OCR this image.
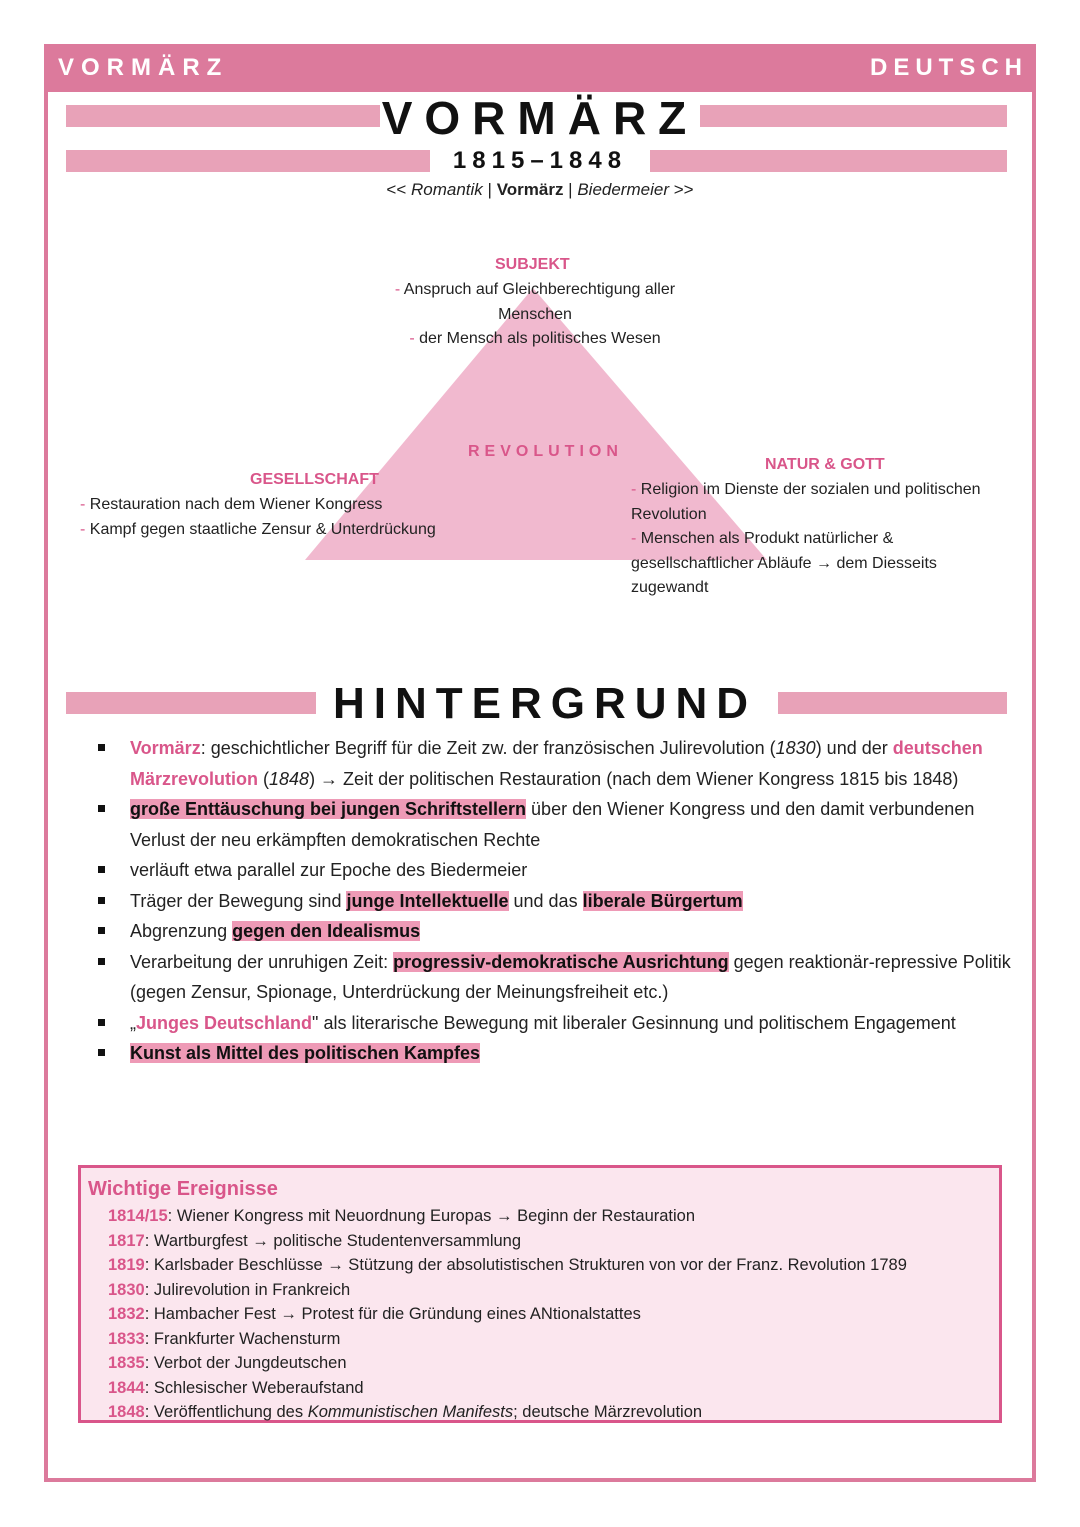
VORMÄRZ	DEUTSCH
VORMÄRZ
1815–1848
<< Romantik | Vormärz | Biedermeier >>
SUBJEKT
- Anspruch auf Gleichberechtigung aller
Menschen
- der Mensch als politisches Wesen
REVOLUTION
GESELLSCHAFT
- Restauration nach dem Wiener Kongress
- Kampf gegen staatliche Zensur & Unterdrückung
NATUR & GOTT
- Religion im Dienste der sozialen und politischen
Revolution
- Menschen als Produkt natürlicher &
gesellschaftlicher Abläufe → dem Diesseits
zugewandt
HINTERGRUND
Vormärz: geschichtlicher Begriff für die Zeit zw. der französischen Julirevolution (1830) und der deutschen Märzrevolution (1848) → Zeit der politischen Restauration (nach dem Wiener Kongress 1815 bis 1848)
große Enttäuschung bei jungen Schriftstellern über den Wiener Kongress und den damit verbundenen Verlust der neu erkämpften demokratischen Rechte
verläuft etwa parallel zur Epoche des Biedermeier
Träger der Bewegung sind junge Intellektuelle und das liberale Bürgertum
Abgrenzung gegen den Idealismus
Verarbeitung der unruhigen Zeit: progressiv-demokratische Ausrichtung gegen reaktionär-repressive Politik (gegen Zensur, Spionage, Unterdrückung der Meinungsfreiheit etc.)
„Junges Deutschland" als literarische Bewegung mit liberaler Gesinnung und politischem Engagement
Kunst als Mittel des politischen Kampfes
Wichtige Ereignisse
1814/15: Wiener Kongress mit Neuordnung Europas → Beginn der Restauration
1817: Wartburgfest → politische Studentenversammlung
1819: Karlsbader Beschlüsse → Stützung der absolutistischen Strukturen von vor der Franz. Revolution 1789
1830: Julirevolution in Frankreich
1832: Hambacher Fest → Protest für die Gründung eines ANtionalstattes
1833: Frankfurter Wachensturm
1835: Verbot der Jungdeutschen
1844: Schlesischer Weberaufstand
1848: Veröffentlichung des Kommunistischen Manifests; deutsche Märzrevolution
